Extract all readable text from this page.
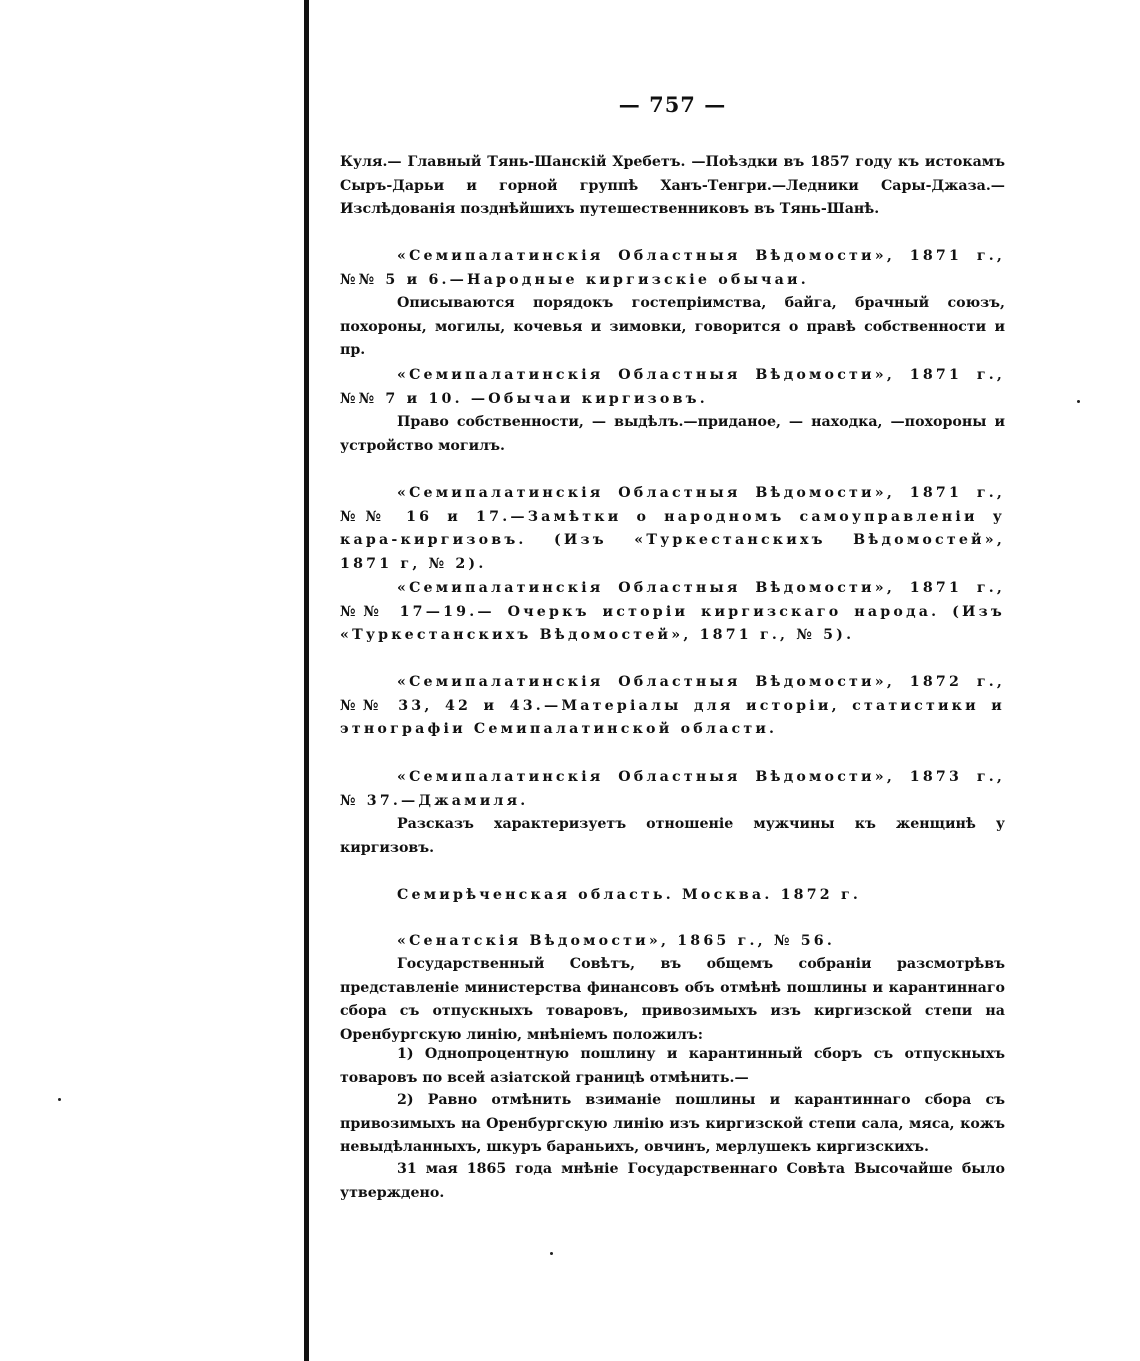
— 757 —
Куля.— Главный Тянь-Шанскій Хребетъ. —Поѣздки въ 1857 году къ истокамъ Сыръ-Дарьи и горной группѣ Ханъ-Тенгри.—Ледники Сары-Джаза.—Изслѣдованія позднѣйшихъ путешественниковъ въ Тянь-Шанѣ.
«Семипалатинскія Областныя Вѣдомости», 1871 г., №№ 5 и 6.—Народные киргизскіе обычаи.
Описываются порядокъ гостепріимства, байга, брачный союзъ, похороны, могилы, кочевья и зимовки, говорится о правѣ собственности и пр.
«Семипалатинскія Областныя Вѣдомости», 1871 г., №№ 7 и 10. —Обычаи киргизовъ.
Право собственности, — выдѣлъ.—приданое, — находка, —похороны и устройство могилъ.
«Семипалатинскія Областныя Вѣдомости», 1871 г., №№ 16 и 17.—Замѣтки о народномъ самоуправленіи у кара-киргизовъ. (Изъ «Туркестанскихъ Вѣдомостей», 1871 г, № 2).
«Семипалатинскія Областныя Вѣдомости», 1871 г., №№ 17—19.— Очеркъ исторіи киргизскаго народа. (Изъ «Туркестанскихъ Вѣдомостей», 1871 г., № 5).
«Семипалатинскія Областныя Вѣдомости», 1872 г., №№ 33, 42 и 43.—Матеріалы для исторіи, статистики и этнографіи Семипалатинской области.
«Семипалатинскія Областныя Вѣдомости», 1873 г., № 37.—Джамиля.
Разсказъ характеризуетъ отношеніе мужчины къ женщинѣ у киргизовъ.
Семирѣченская область. Москва. 1872 г.
«Сенатскія Вѣдомости», 1865 г., № 56.
Государственный Совѣтъ, въ общемъ собраніи разсмотрѣвъ представленіе министерства финансовъ объ отмѣнѣ пошлины и карантиннаго сбора съ отпускныхъ товаровъ, привозимыхъ изъ киргизской степи на Оренбургскую линію, мнѣніемъ положилъ:
1) Однопроцентную пошлину и карантинный сборъ съ отпускныхъ товаровъ по всей азіатской границѣ отмѣнить.—
2) Равно отмѣнить взиманіе пошлины и карантиннаго сбора съ привозимыхъ на Оренбургскую линію изъ киргизской степи сала, мяса, кожъ невыдѣланныхъ, шкуръ бараньихъ, овчинъ, мерлушекъ киргизскихъ.
31 мая 1865 года мнѣніе Государственнаго Совѣта Высочайше было утверждено.
